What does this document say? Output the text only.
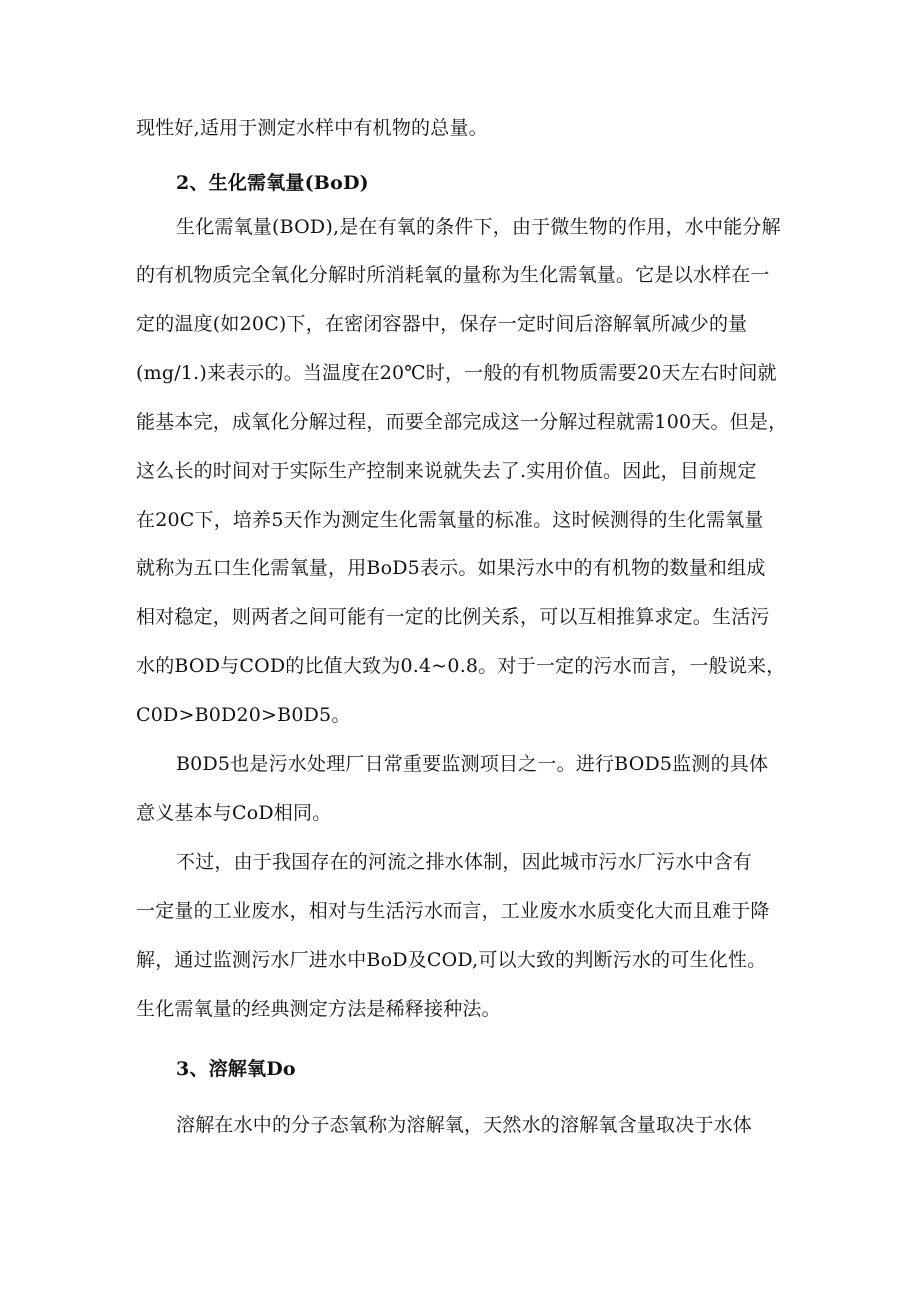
现性好,适用于测定水样中有机物的总量。
2、生化需氧量(BoD)
生化需氧量(BOD),是在有氧的条件下，由于微生物的作用，水中能分解
的有机物质完全氧化分解时所消耗氧的量称为生化需氧量。它是以水样在一
定的温度(如20C)下，在密闭容器中，保存一定时间后溶解氧所减少的量
(mg∕1.)来表示的。当温度在20℃时，一般的有机物质需要20天左右时间就
能基本完，成氧化分解过程，而要全部完成这一分解过程就需100天。但是，
这么长的时间对于实际生产控制来说就失去了.实用价值。因此，目前规定
在20C下，培养5天作为测定生化需氧量的标准。这时候测得的生化需氧量
就称为五口生化需氧量，用BoD5表示。如果污水中的有机物的数量和组成
相对稳定，则两者之间可能有一定的比例关系，可以互相推算求定。生活污
水的BOD与COD的比值大致为0.4~0.8。对于一定的污水而言，一般说来，
C0D>B0D20>B0D5。
B0D5也是污水处理厂日常重要监测项目之一。进行BOD5监测的具体
意义基本与CoD相同。
不过，由于我国存在的河流之排水体制，因此城市污水厂污水中含有
一定量的工业废水，相对与生活污水而言，工业废水水质变化大而且难于降
解，通过监测污水厂进水中BoD及COD,可以大致的判断污水的可生化性。
生化需氧量的经典测定方法是稀释接种法。
3、溶解氧Do
溶解在水中的分子态氧称为溶解氧，天然水的溶解氧含量取决于水体
